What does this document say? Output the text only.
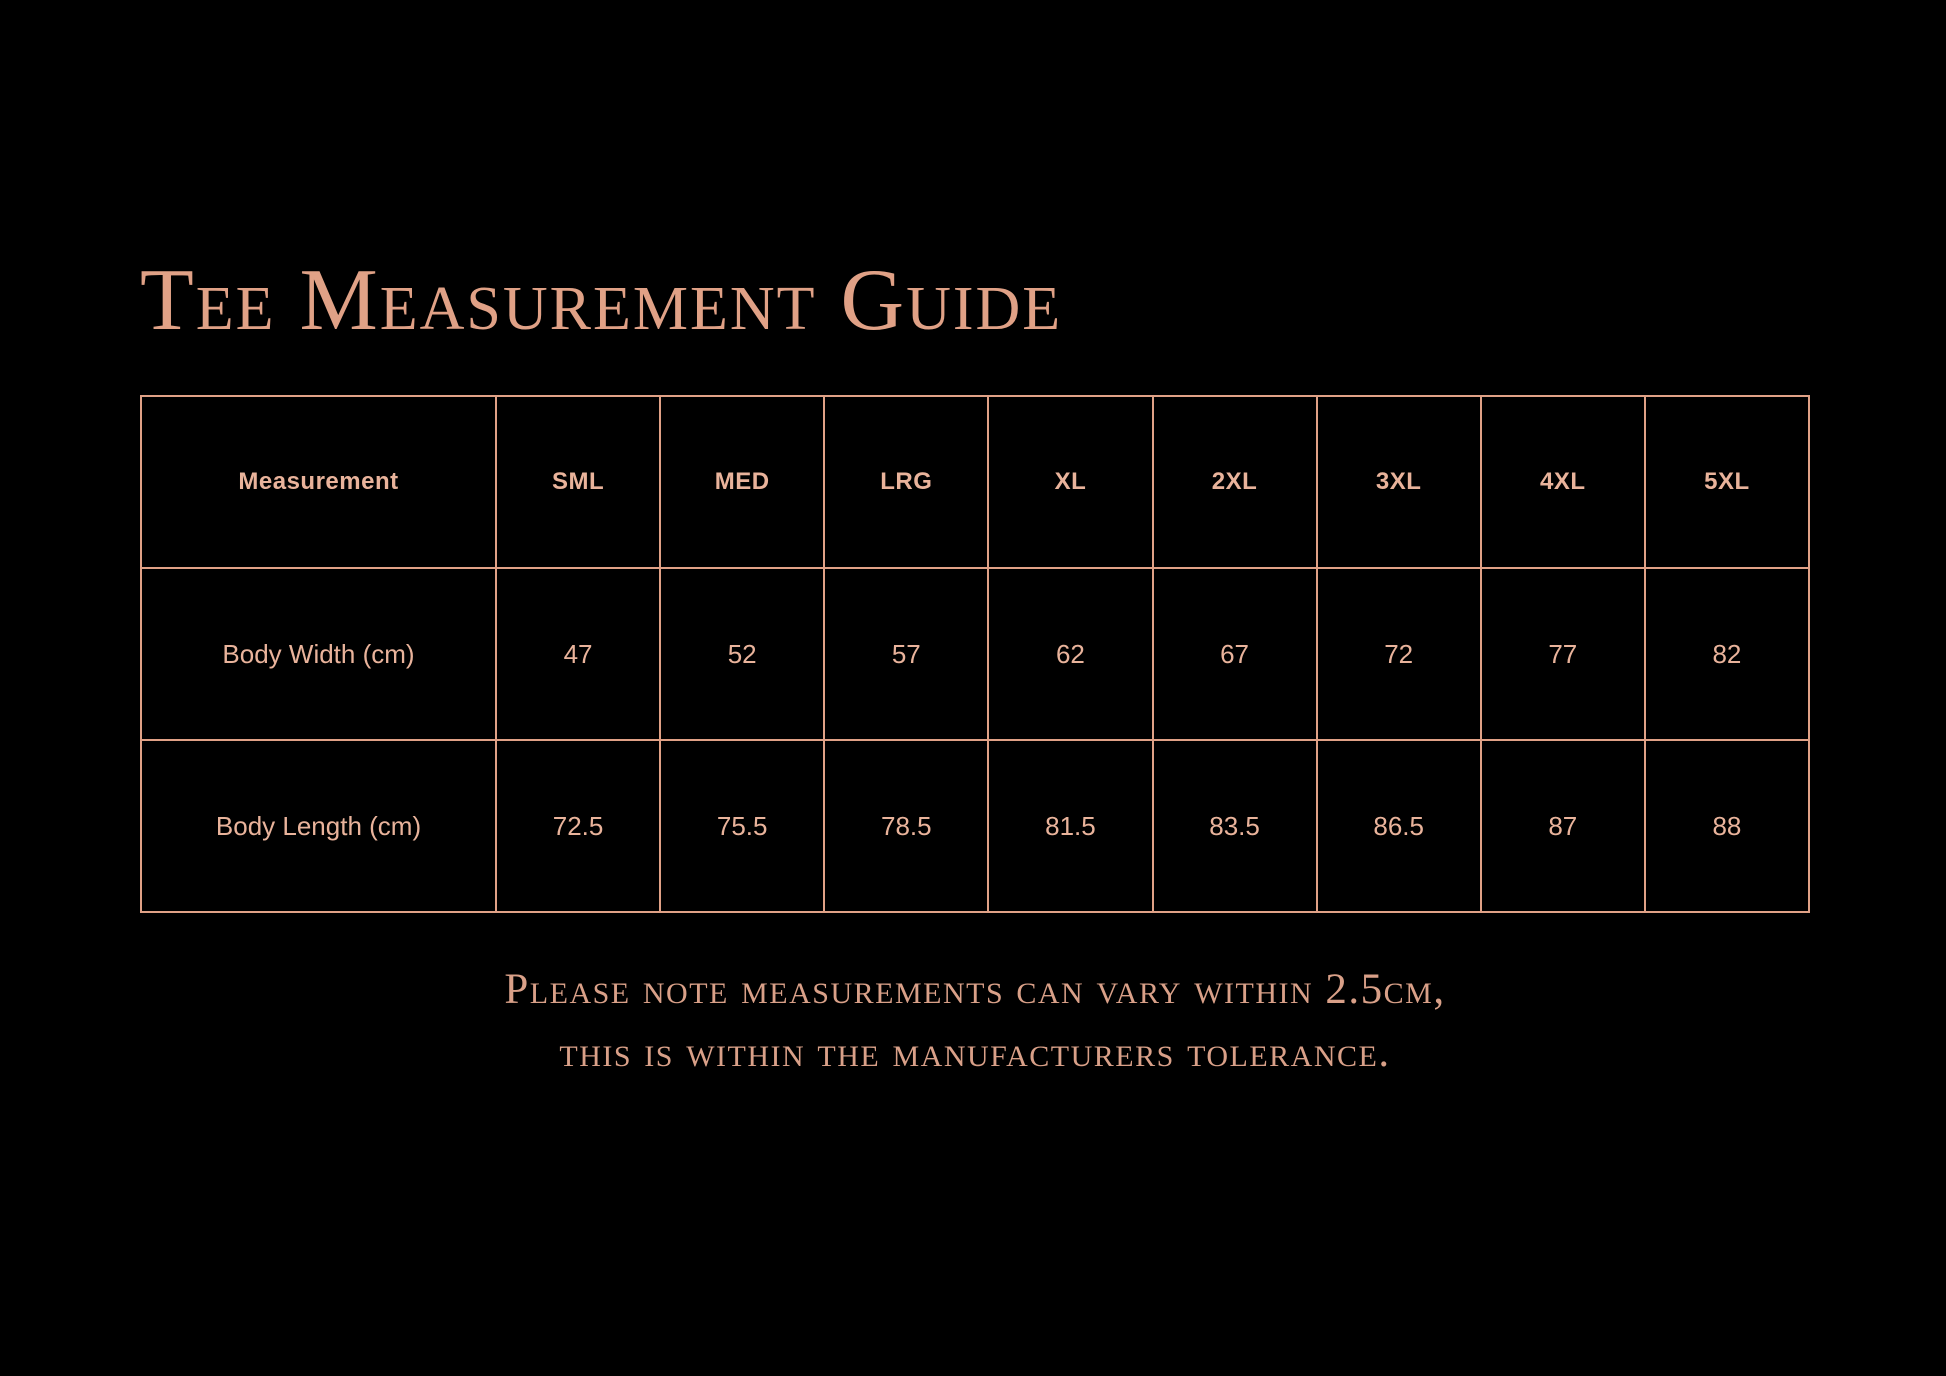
Tee Measurement Guide
Measurement	SML	MED	LRG	XL	2XL	3XL	4XL	5XL
Body Width (cm)	47	52	57	62	67	72	77	82
Body Length (cm)	72.5	75.5	78.5	81.5	83.5	86.5	87	88
Please note measurements can vary within 2.5cm,
this is within the manufacturers tolerance.
